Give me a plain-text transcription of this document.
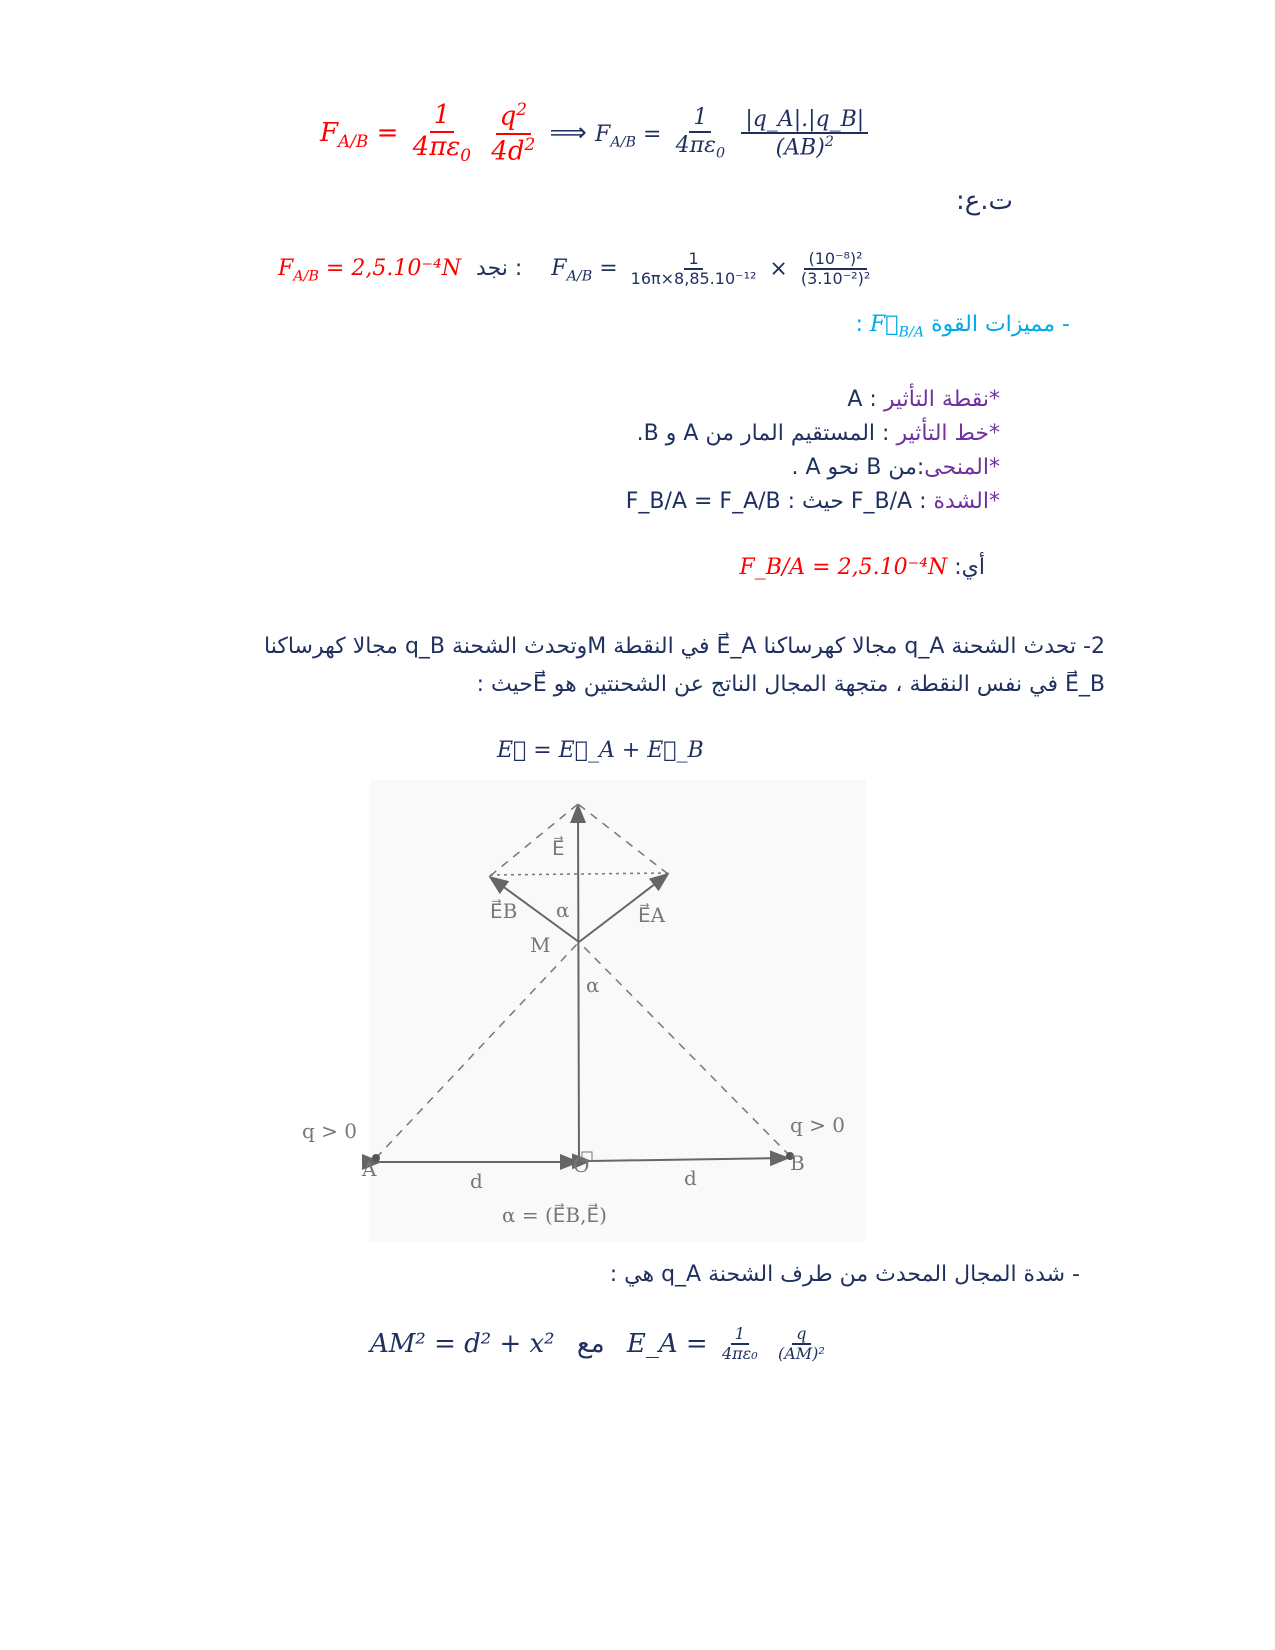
$F_{A/B} = \frac{1}{4\pi\varepsilon_0}$
$\frac{q^2}{4d^2}$ ⟹ $F_{A/B} = \frac{1}{4\pi\varepsilon_0}$
$\frac{|q\_A|.|q\_B|}{(AB)^2}$
ت.ع:
$F_{A/B} = 2,5.10^{-4}N$ نجد : $F_{A/B} = \frac{1}{\text{16π×8,85.10⁻¹²}} \times \frac{\text{(10⁻⁸)²}}{\text{(3.10⁻²)²}}$
- مميزات القوة $F⃗_{B/A}$ :
*نقطة التأثير : A
*خط التأثير : المستقيم المار من A و B.
*المنحى:من B نحو A .
*الشدة : F_B/A حيث : F_B/A = F_A/B
أي: F_B/A = 2,5.10⁻⁴N
2- تحدث الشحنة q_A مجالا كهرساكنا E⃗_A في النقطة Mوتحدث الشحنة q_B مجالا كهرساكنا
E⃗_B في نفس النقطة ، متجهة المجال الناتج عن الشحنتين هو E⃗حيث :
E⃗ = E⃗_A + E⃗_B
E⃗
E⃗B	E⃗A
α
α
M
A	B
O
d	d
q > 0	q > 0
α = (E⃗B,E⃗)
- شدة المجال المحدث من طرف الشحنة q_A هي :
AM² = d² + x² مع E_A = $\frac{1}{\text{4πε₀}}$
$\frac{q}{\text{(AM)²}}$
